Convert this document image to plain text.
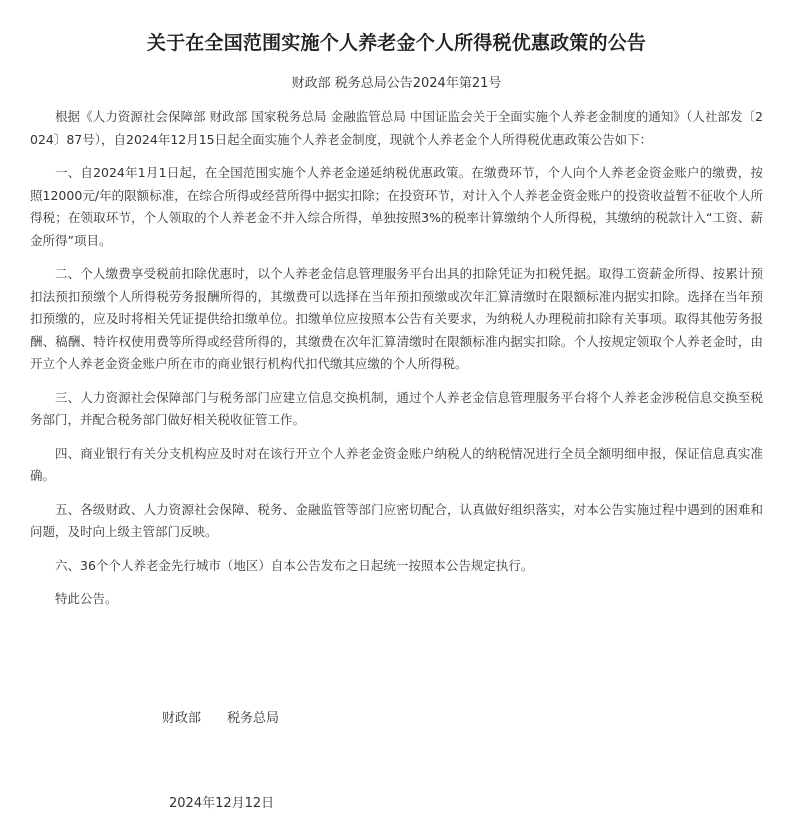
关于在全国范围实施个人养老金个人所得税优惠政策的公告
财政部 税务总局公告2024年第21号

根据《人力资源社会保障部 财政部 国家税务总局 金融监管总局 中国证监会关于全面实施个人养老金制度的通知》（人社部发〔2024〕87号），自2024年12月15日起全面实施个人养老金制度，现就个人养老金个人所得税优惠政策公告如下：

一、自2024年1月1日起，在全国范围实施个人养老金递延纳税优惠政策。在缴费环节，个人向个人养老金资金账户的缴费，按照12000元/年的限额标准，在综合所得或经营所得中据实扣除；在投资环节，对计入个人养老金资金账户的投资收益暂不征收个人所得税；在领取环节，个人领取的个人养老金不并入综合所得，单独按照3%的税率计算缴纳个人所得税，其缴纳的税款计入“工资、薪金所得”项目。

二、个人缴费享受税前扣除优惠时，以个人养老金信息管理服务平台出具的扣除凭证为扣税凭据。取得工资薪金所得、按累计预扣法预扣预缴个人所得税劳务报酬所得的，其缴费可以选择在当年预扣预缴或次年汇算清缴时在限额标准内据实扣除。选择在当年预扣预缴的，应及时将相关凭证提供给扣缴单位。扣缴单位应按照本公告有关要求，为纳税人办理税前扣除有关事项。取得其他劳务报酬、稿酬、特许权使用费等所得或经营所得的，其缴费在次年汇算清缴时在限额标准内据实扣除。个人按规定领取个人养老金时，由开立个人养老金资金账户所在市的商业银行机构代扣代缴其应缴的个人所得税。

三、人力资源社会保障部门与税务部门应建立信息交换机制，通过个人养老金信息管理服务平台将个人养老金涉税信息交换至税务部门，并配合税务部门做好相关税收征管工作。

四、商业银行有关分支机构应及时对在该行开立个人养老金资金账户纳税人的纳税情况进行全员全额明细申报，保证信息真实准确。

五、各级财政、人力资源社会保障、税务、金融监管等部门应密切配合，认真做好组织落实，对本公告实施过程中遇到的困难和问题，及时向上级主管部门反映。

六、36个个人养老金先行城市（地区）自本公告发布之日起统一按照本公告规定执行。

特此公告。

财政部 税务总局
2024年12月12日
